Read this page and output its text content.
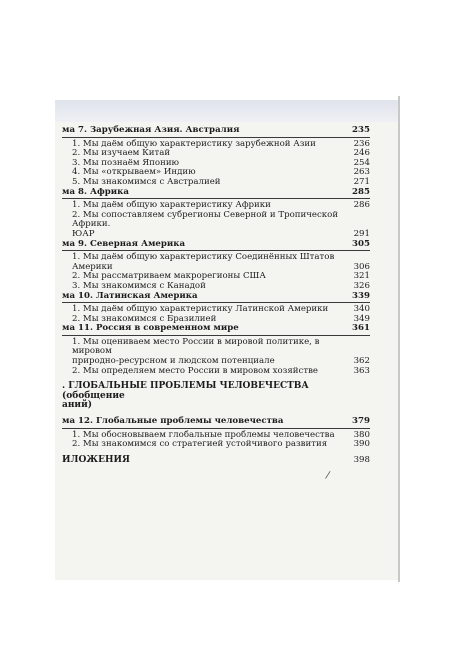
ма 7. Зарубежная Азия. Австралия	235
1. Мы даём общую характеристику зарубежной Азии	236
2. Мы изучаем Китай	246
3. Мы познаём Японию	254
4. Мы «открываем» Индию	263
5. Мы знакомимся с Австралией	271
ма 8. Африка	285
1. Мы даём общую характеристику Африки	286
2. Мы сопоставляем субрегионы Северной и Тропической Африки.
ЮАР	291
ма 9. Северная Америка	305
1. Мы даём общую характеристику Соединённых Штатов
Америки	306
2. Мы рассматриваем макрорегионы США	321
3. Мы знакомимся с Канадой	326
ма 10. Латинская Америка	339
1. Мы даём общую характеристику Латинской Америки	340
2. Мы знакомимся с Бразилией	349
ма 11. Россия в современном мире	361
1. Мы оцениваем место России в мировой политике, в мировом
природно-ресурсном и людском потенциале	362
2. Мы определяем место России в мировом хозяйстве	363
. ГЛОБАЛЬНЫЕ ПРОБЛЕМЫ ЧЕЛОВЕЧЕСТВА (обобщение
аний)
ма 12. Глобальные проблемы человечества	379
1. Мы обосновываем глобальные проблемы человечества	380
2. Мы знакомимся со стратегией устойчивого развития	390
ИЛОЖЕНИЯ	398
/
